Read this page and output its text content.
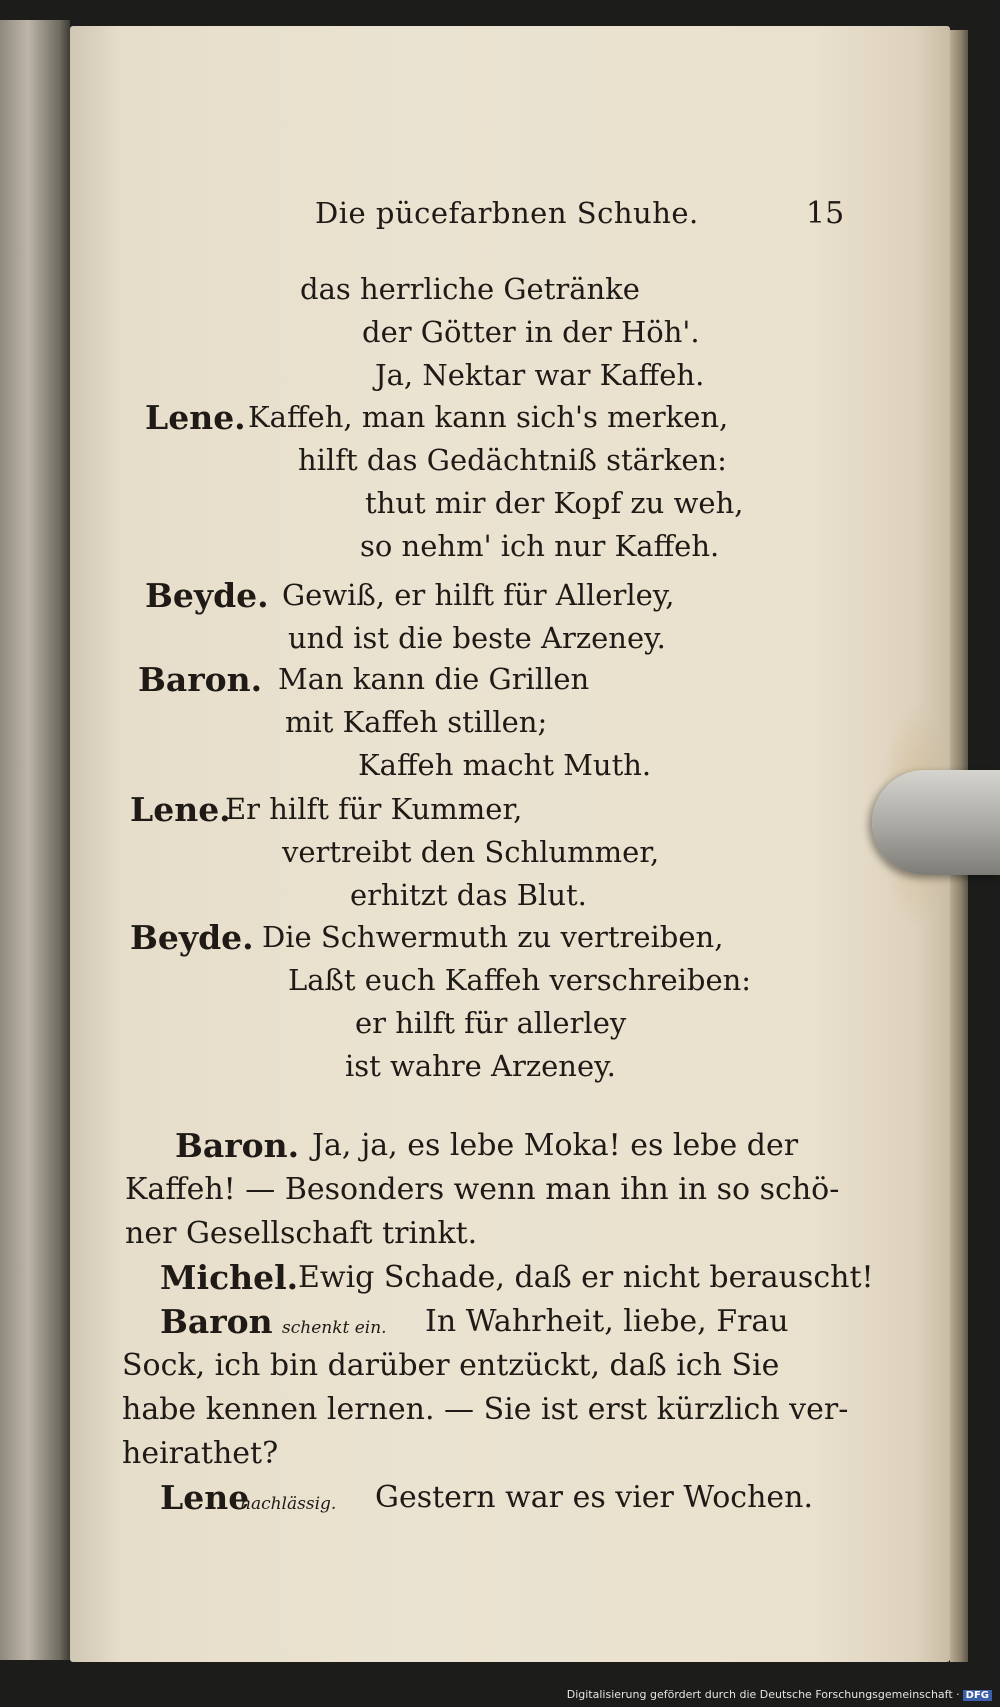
Die pücefarbnen Schuhe.	15
das herrliche Getränke
der Götter in der Höh'.
Ja, Nektar war Kaffeh.
Lene. Kaffeh, man kann sich's merken,
hilft das Gedächtniß stärken:
thut mir der Kopf zu weh,
so nehm' ich nur Kaffeh.
Beyde. Gewiß, er hilft für Allerley,
und ist die beste Arzeney.
Baron. Man kann die Grillen
mit Kaffeh stillen;
Kaffeh macht Muth.
Lene.
Er hilft für Kummer,
vertreibt den Schlummer,
erhitzt das Blut.
Beyde. Die Schwermuth zu vertreiben,
Laßt euch Kaffeh verschreiben:
er hilft für allerley
ist wahre Arzeney.
Baron. Ja, ja, es lebe Moka! es lebe der
Kaffeh! — Besonders wenn man ihn in so schö-
ner Gesellschaft trinkt.
Michel. Ewig Schade, daß er nicht berauscht!
Baron schenkt ein. In Wahrheit, liebe, Frau
Sock, ich bin darüber entzückt, daß ich Sie
habe kennen lernen. — Sie ist erst kürzlich ver-
heirathet?
Lene
nachlässig. Gestern war es vier Wochen.
Digitalisierung gefördert durch die Deutsche Forschungsgemeinschaft · DFG
